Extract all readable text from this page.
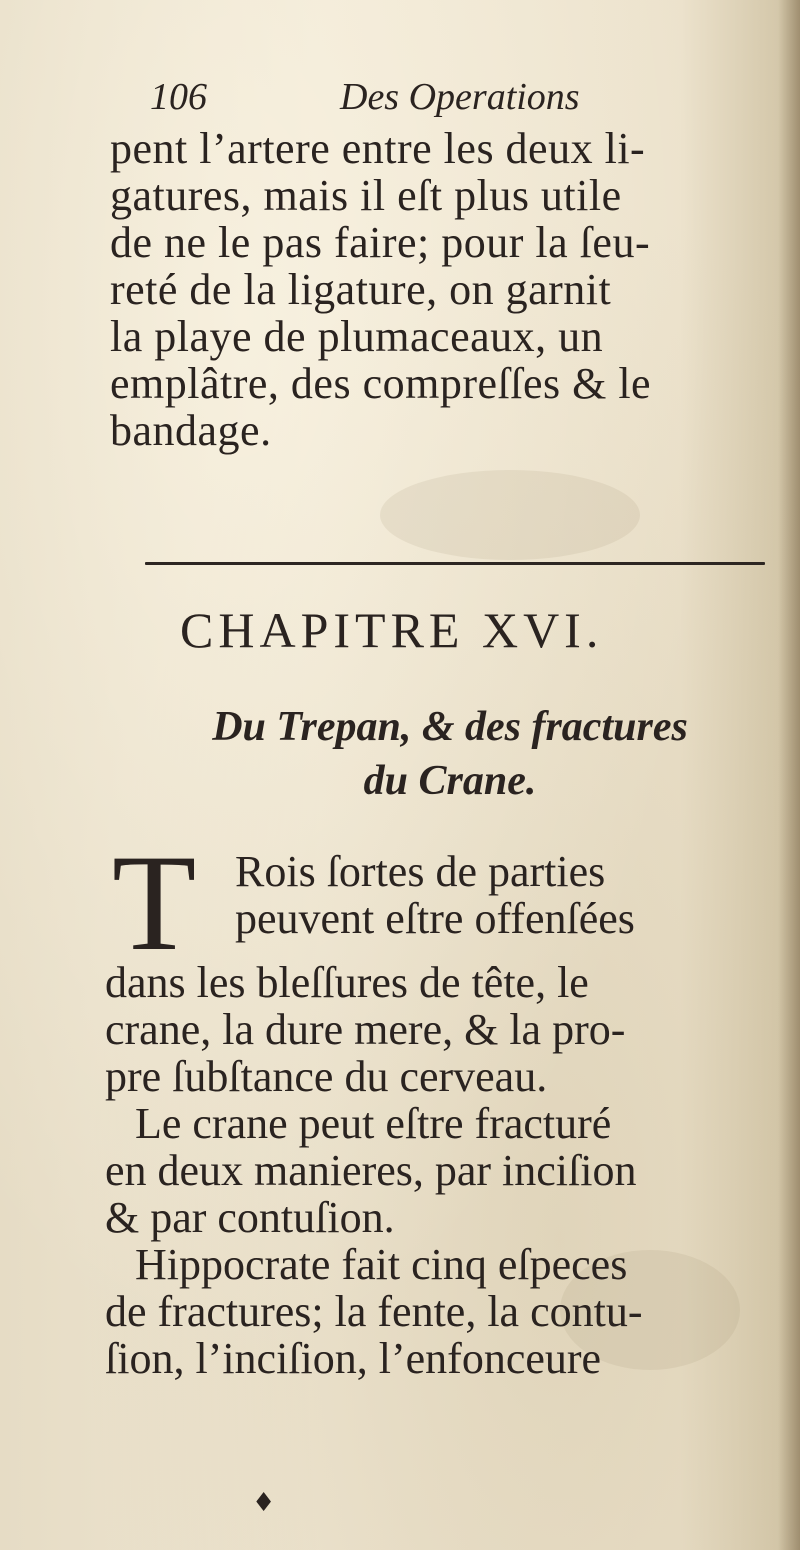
106	Des Operations
pent l’artere entre les deux li-
gatures, mais il eſt plus utile
de ne le pas faire; pour la ſeu-
reté de la ligature, on garnit
la playe de plumaceaux, un
emplâtre, des compreſſes & le
bandage.
CHAPITRE XVI.
Du Trepan, & des fractures
du Crane.
T Rois ſortes de parties
peuvent eſtre offenſées
dans les bleſſures de tête, le
crane, la dure mere, & la pro-
pre ſubſtance du cerveau.
Le crane peut eſtre fracturé
en deux manieres, par inciſion
& par contuſion.
Hippocrate fait cinq eſpeces
de fractures; la fente, la contu-
ſion, l’inciſion, l’enfonceure
♦
